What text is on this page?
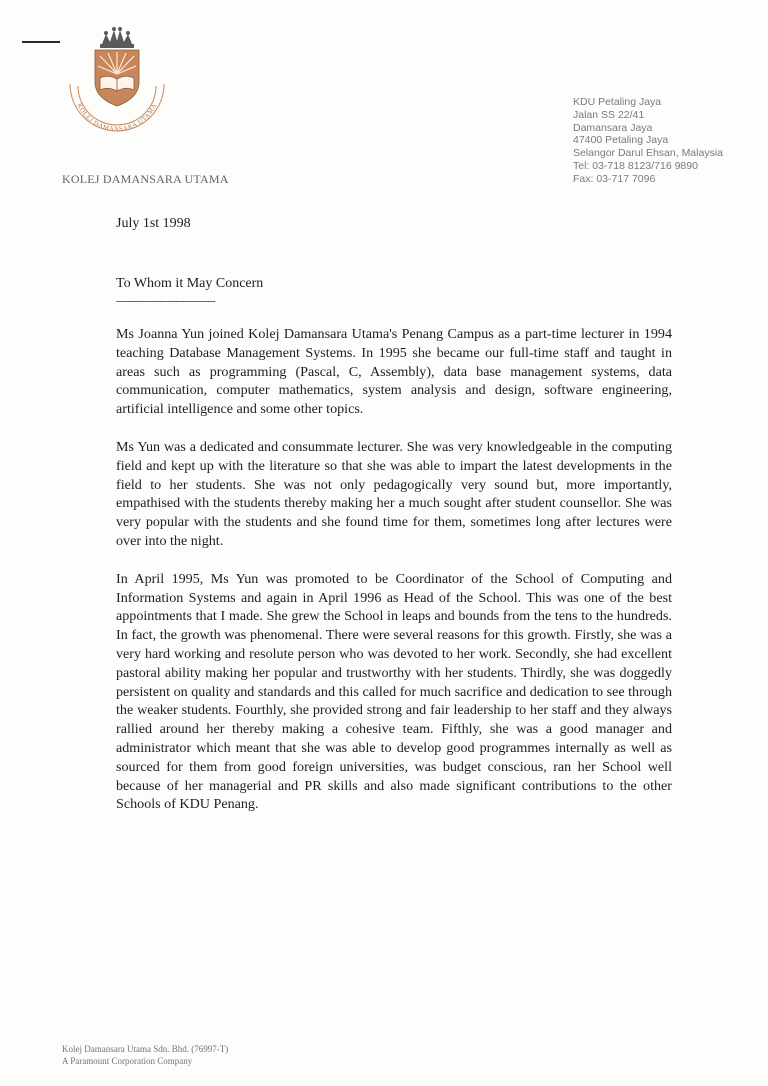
KOLEJ DAMANSARA UTAMA
KOLEJ DAMANSARA UTAMA
KDU Petaling Jaya
Jalan SS 22/41
Damansara Jaya
47400 Petaling Jaya
Selangor Darul Ehsan, Malaysia
Tel: 03-718 8123/716 9890
Fax: 03-717 7096
July 1st 1998
To Whom it May Concern
-----------------------------------

Ms Joanna Yun joined Kolej Damansara Utama's Penang Campus as a part-time lecturer in 1994 teaching Database Management Systems. In 1995 she became our full-time staff and taught in areas such as programming (Pascal, C, Assembly), data base management systems, data communication, computer mathematics, system analysis and design, software engineering, artificial intelligence and some other topics.

Ms Yun was a dedicated and consummate lecturer. She was very knowledgeable in the computing field and kept up with the literature so that she was able to impart the latest developments in the field to her students. She was not only pedagogically very sound but, more importantly, empathised with the students thereby making her a much sought after student counsellor. She was very popular with the students and she found time for them, sometimes long after lectures were over into the night.

In April 1995, Ms Yun was promoted to be Coordinator of the School of Computing and Information Systems and again in April 1996 as Head of the School. This was one of the best appointments that I made. She grew the School in leaps and bounds from the tens to the hundreds. In fact, the growth was phenomenal. There were several reasons for this growth. Firstly, she was a very hard working and resolute person who was devoted to her work. Secondly, she had excellent pastoral ability making her popular and trustworthy with her students. Thirdly, she was doggedly persistent on quality and standards and this called for much sacrifice and dedication to see through the weaker students. Fourthly, she provided strong and fair leadership to her staff and they always rallied around her thereby making a cohesive team. Fifthly, she was a good manager and administrator which meant that she was able to develop good programmes internally as well as sourced for them from good foreign universities, was budget conscious, ran her School well because of her managerial and PR skills and also made significant contributions to the other Schools of KDU Penang.

Kolej Damansara Utama Sdn. Bhd. (76997-T)
A Paramount Corporation Company
